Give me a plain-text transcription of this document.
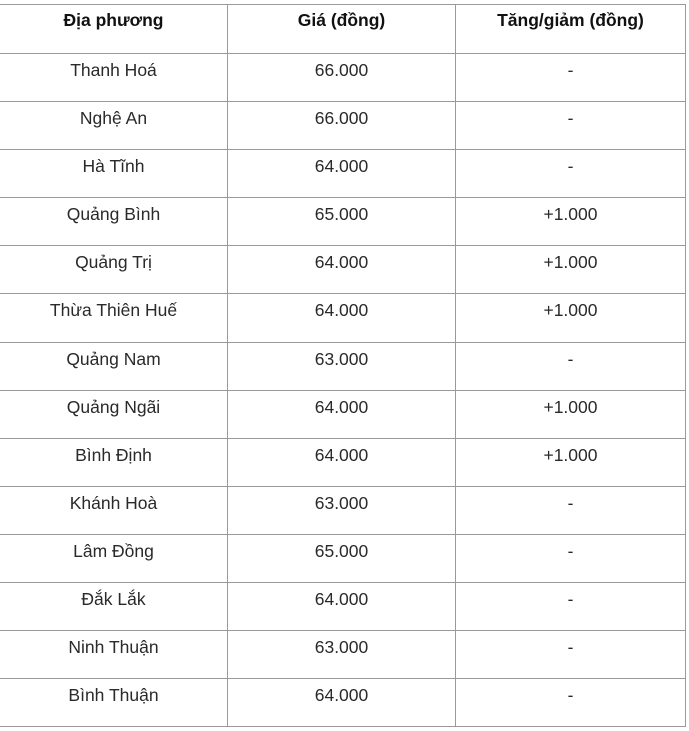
Địa phương	Giá (đồng)	Tăng/giảm (đồng)
Thanh Hoá	66.000	-
Nghệ An	66.000	-
Hà Tĩnh	64.000	-
Quảng Bình	65.000	+1.000
Quảng Trị	64.000	+1.000
Thừa Thiên Huế	64.000	+1.000
Quảng Nam	63.000	-
Quảng Ngãi	64.000	+1.000
Bình Định	64.000	+1.000
Khánh Hoà	63.000	-
Lâm Đồng	65.000	-
Đắk Lắk	64.000	-
Ninh Thuận	63.000	-
Bình Thuận	64.000	-
